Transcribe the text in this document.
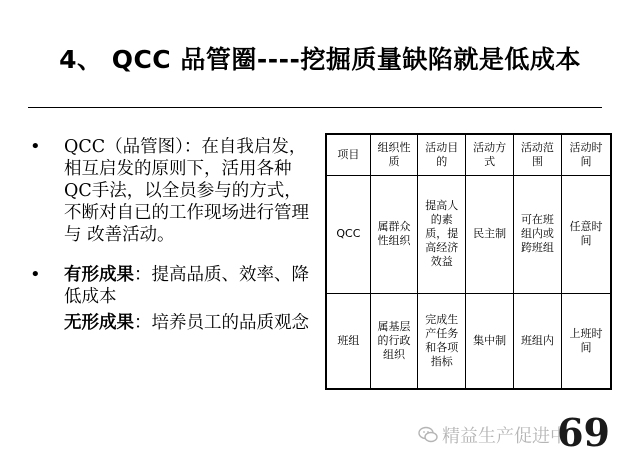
4、 QCC 品管圈----挖掘质量缺陷就是低成本
• QCC（品管图）：在自我启发，相互启发的原则下，活用各种QC手法，以全员参与的方式，不断对自已的工作现场进行管理与 改善活动。
• 有形成果：提高品质、效率、降低成本
无形成果：培养员工的品质观念
项目	组织性质	活动目的	活动方式	活动范围	活动时间
QCC	属群众性组织	提高人的素质，提高经济效益	民主制	可在班组内或跨班组	任意时间
班组	属基层的行政组织	完成生产任务和各项指标	集中制	班组内	上班时间
精益生产促进中
69
